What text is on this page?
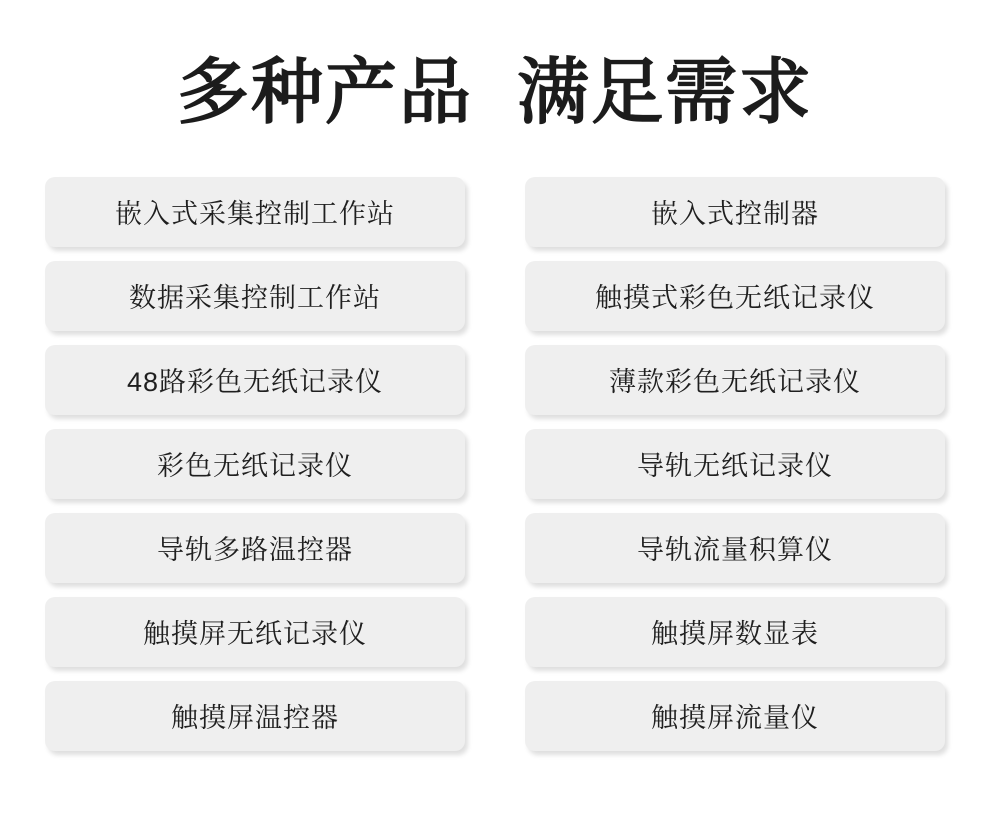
多种产品  满足需求
嵌入式采集控制工作站
数据采集控制工作站
48路彩色无纸记录仪
彩色无纸记录仪
导轨多路温控器
触摸屏无纸记录仪
触摸屏温控器
嵌入式控制器
触摸式彩色无纸记录仪
薄款彩色无纸记录仪
导轨无纸记录仪
导轨流量积算仪
触摸屏数显表
触摸屏流量仪
